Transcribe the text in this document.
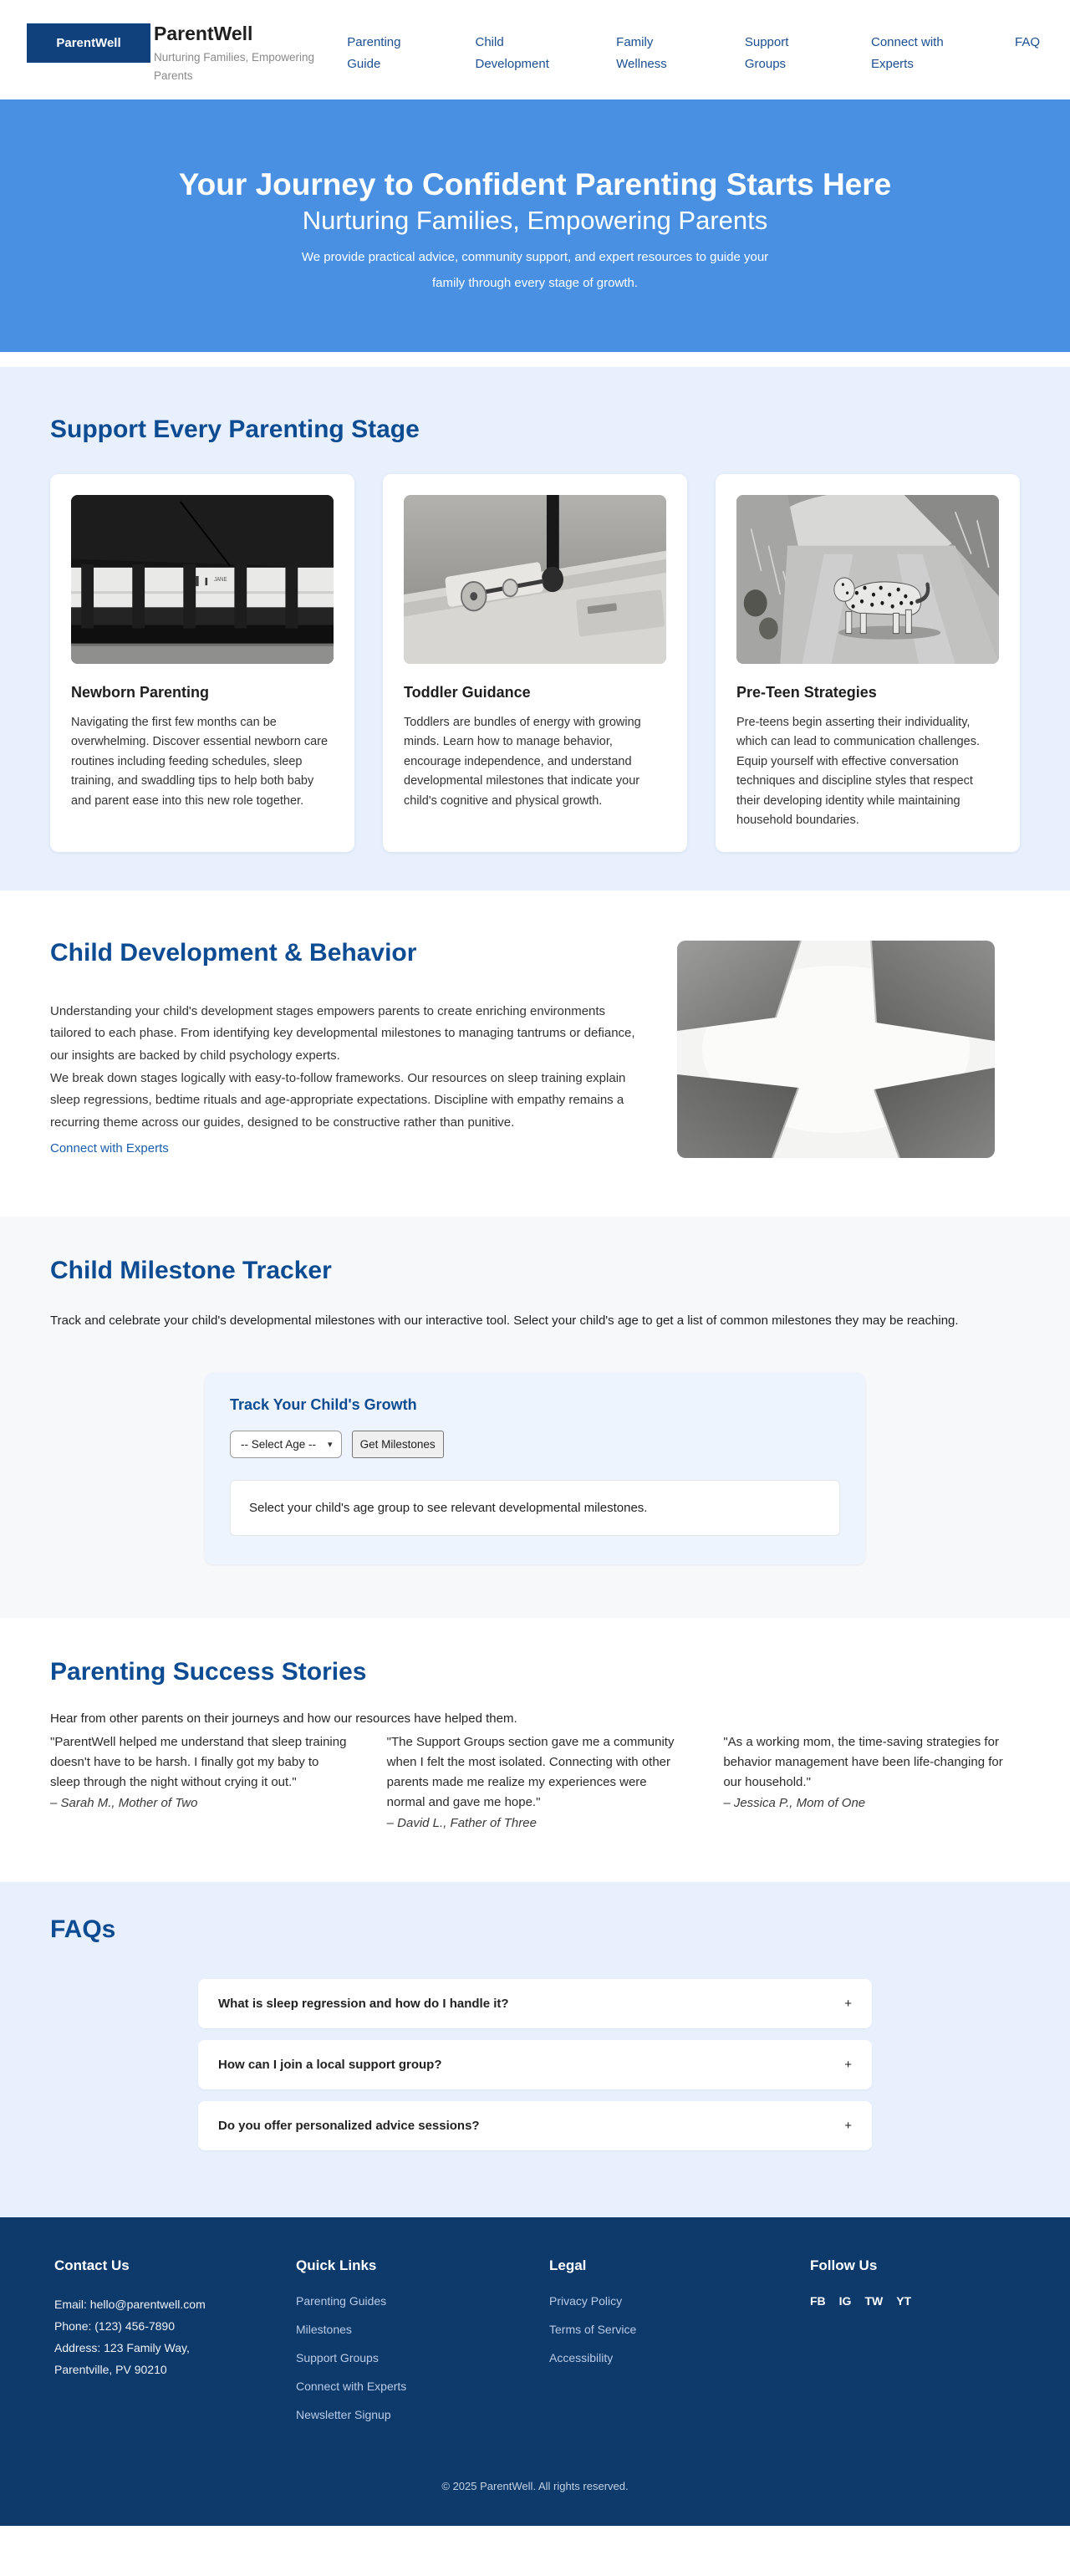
ParentWell	ParentWell

Nurturing Families, Empowering Parents

Parenting Guide
Child Development
Family Wellness
Support Groups
Connect with Experts
FAQ
Your Journey to Confident Parenting Starts Here
Nurturing Families, Empowering Parents

We provide practical advice, community support, and expert resources to guide your family through every stage of growth.

Support Every Parenting Stage
JANE
Newborn Parenting

Navigating the first few months can be overwhelming. Discover essential newborn care routines including feeding schedules, sleep training, and swaddling tips to help both baby and parent ease into this new role together.

Toddler Guidance

Toddlers are bundles of energy with growing minds. Learn how to manage behavior, encourage independence, and understand developmental milestones that indicate your child's cognitive and physical growth.

Pre-Teen Strategies

Pre-teens begin asserting their individuality, which can lead to communication challenges. Equip yourself with effective conversation techniques and discipline styles that respect their developing identity while maintaining household boundaries.

Child Development & Behavior

Understanding your child's development stages empowers parents to create enriching environments tailored to each phase. From identifying key developmental milestones to managing tantrums or defiance, our insights are backed by child psychology experts.

We break down stages logically with easy-to-follow frameworks. Our resources on sleep training explain sleep regressions, bedtime rituals and age-appropriate expectations. Discipline with empathy remains a recurring theme across our guides, designed to be constructive rather than punitive.

Connect with Experts
Child Milestone Tracker

Track and celebrate your child's developmental milestones with our interactive tool. Select your child's age to get a list of common milestones they may be reaching.

Track Your Child's Growth
-- Select Age -- ▾	Get Milestones
Select your child's age group to see relevant developmental milestones.
Parenting Success Stories

Hear from other parents on their journeys and how our resources have helped them.

"ParentWell helped me understand that sleep training doesn't have to be harsh. I finally got my baby to sleep through the night without crying it out."

– Sarah M., Mother of Two

"The Support Groups section gave me a community when I felt the most isolated. Connecting with other parents made me realize my experiences were normal and gave me hope."

– David L., Father of Three

"As a working mom, the time-saving strategies for behavior management have been life-changing for our household."

– Jessica P., Mom of One

FAQs
What is sleep regression and how do I handle it?	+
How can I join a local support group?	+
Do you offer personalized advice sessions?	+
Contact Us
Email: hello@parentwell.com
Phone: (123) 456-7890
Address: 123 Family Way, Parentville, PV 90210
Quick Links
Parenting Guides
Milestones
Support Groups
Connect with Experts
Newsletter Signup
Legal
Privacy Policy
Terms of Service
Accessibility
Follow Us
FB IG TW YT
© 2025 ParentWell. All rights reserved.
